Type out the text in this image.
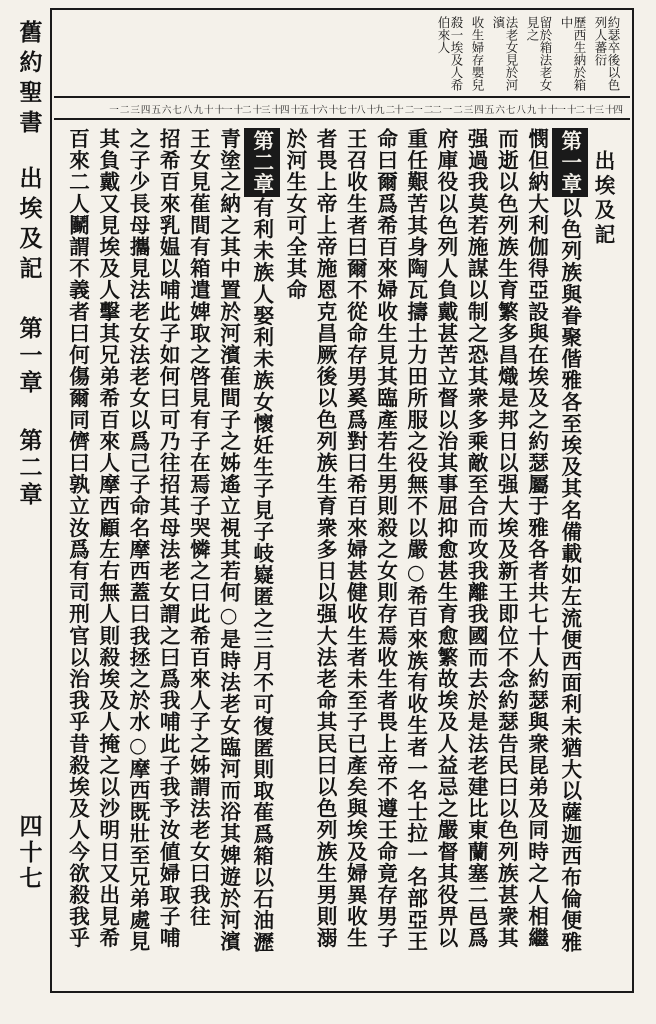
舊約聖書
出埃及記
第一章 第二章
四十七
約瑟卒後以色列人蕃衍
歷西生納於箱中
留於箱法老女見之
法老女見於河濱
收生婦存嬰兒
殺一埃及人希伯來人
一 二 三 四 五 六 七 八 九 十 十一 十二 十三 十四 十五 十六 十七 十八 十九 二十 二一 二二 一 二 三 四 五 六 七 八 九 十 十一 十二 十三 十四
出埃及記
第一章以色列族與眷聚偕雅各至埃及其名備載如左流便西面利未猶大以薩迦西布倫便雅
憫但納大利伽得亞設與在埃及之約瑟屬于雅各者共七十人約瑟與衆昆弟及同時之人相繼
而逝以色列族生育繁多昌熾是邦日以强大埃及新王即位不念約瑟告民曰以色列族甚衆其
强過我莫若施謀以制之恐其衆多乘敵至合而攻我離我國而去於是法老建比東蘭塞二邑爲
府庫役以色列人負戴甚苦立督以治其事屈抑愈甚生育愈繁故埃及人益忌之嚴督其役畀以
重任艱苦其身陶瓦擣土力田所服之役無不以嚴○希百來族有收生者一名士拉一名部亞王
命曰爾爲希百來婦收生見其臨產若生男則殺之女則存焉收生者畏上帝不遵王命竟存男子
王召收生者曰爾不從命存男奚爲對曰希百來婦甚健收生者未至子已產矣與埃及婦異收生
者畏上帝上帝施恩克昌厥後以色列族生育衆多日以强大法老命其民曰以色列族生男則溺
於河生女可全其命
第二章有利未族人娶利未族女懷妊生子見子岐嶷匿之三月不可復匿則取萑爲箱以石油瀝
青塗之納之其中置於河濱萑間子之姊遙立視其若何○是時法老女臨河而浴其婢遊於河濱
王女見萑間有箱遣婢取之啓見有子在焉子哭憐之曰此希百來人子之姊謂法老女曰我往
招希百來乳媪以哺此子如何曰可乃往招其母法老女謂之曰爲我哺此子我予汝値婦取子哺
之子少長母攜見法老女法老女以爲己子命名摩西蓋曰我拯之於水○摩西既壯至兄弟處見
其負戴又見埃及人擊其兄弟希百來人摩西顧左右無人則殺埃及人掩之以沙明日又出見希
百來二人鬭謂不義者曰何傷爾同儕曰孰立汝爲有司刑官以治我乎昔殺埃及人今欲殺我乎
